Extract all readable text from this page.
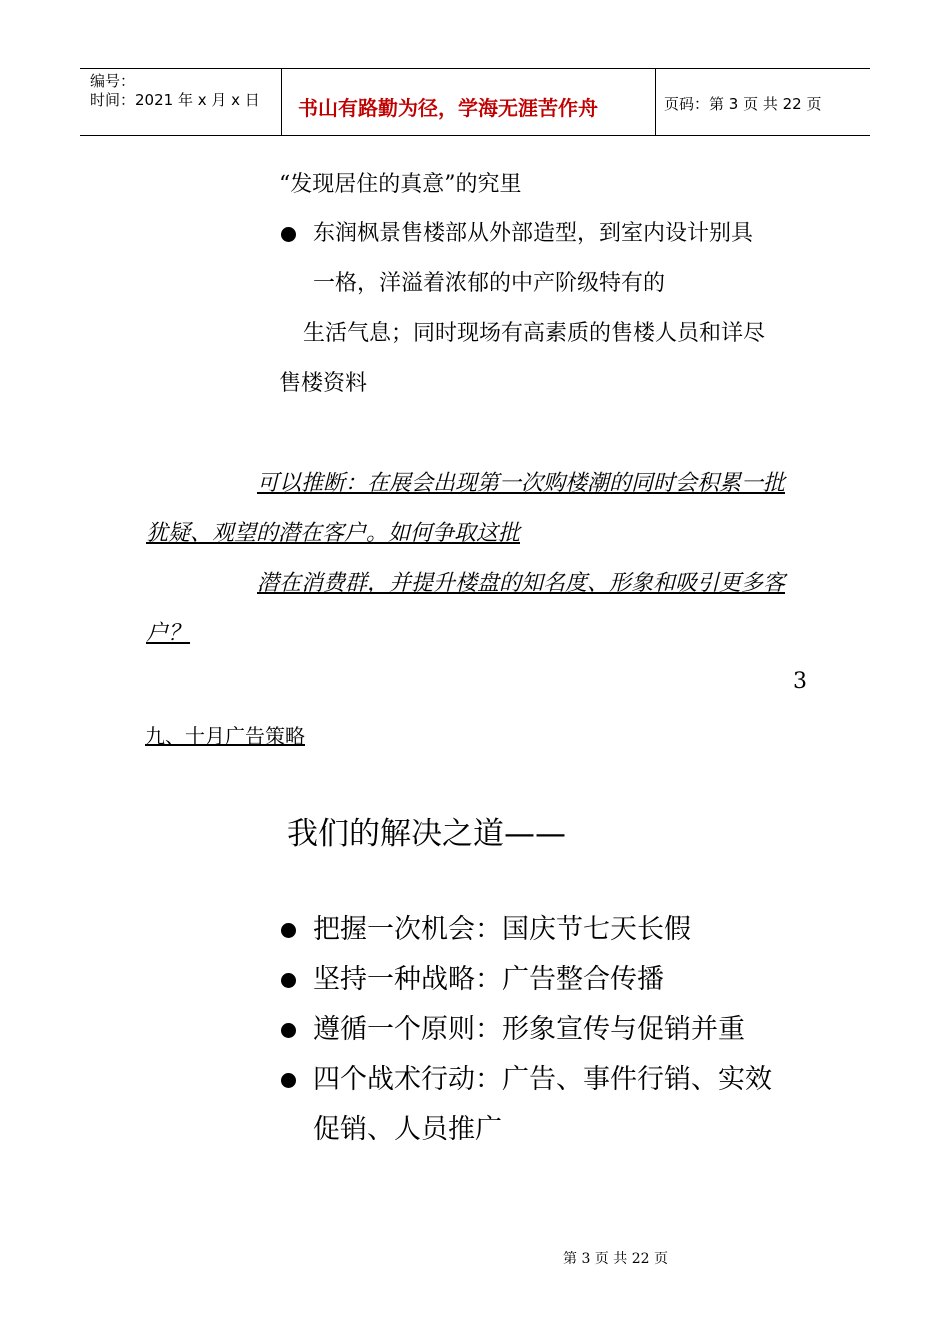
编号：
时间：2021 年 x 月 x 日 书山有路勤为径，学海无涯苦作舟	页码：第 3 页 共 22 页
“发现居住的真意”的究里
东润枫景售楼部从外部造型，到室内设计别具
一格，洋溢着浓郁的中产阶级特有的
生活气息；同时现场有高素质的售楼人员和详尽
售楼资料
可以推断：在展会出现第一次购楼潮的同时会积累一批
犹疑、观望的潜在客户。如何争取这批
潜在消费群，并提升楼盘的知名度、形象和吸引更多客
户？
3
九、十月广告策略
我们的解决之道——
把握一次机会：国庆节七天长假
坚持一种战略：广告整合传播
遵循一个原则：形象宣传与促销并重
四个战术行动：广告、事件行销、实效
促销、人员推广
第 3 页 共 22 页
